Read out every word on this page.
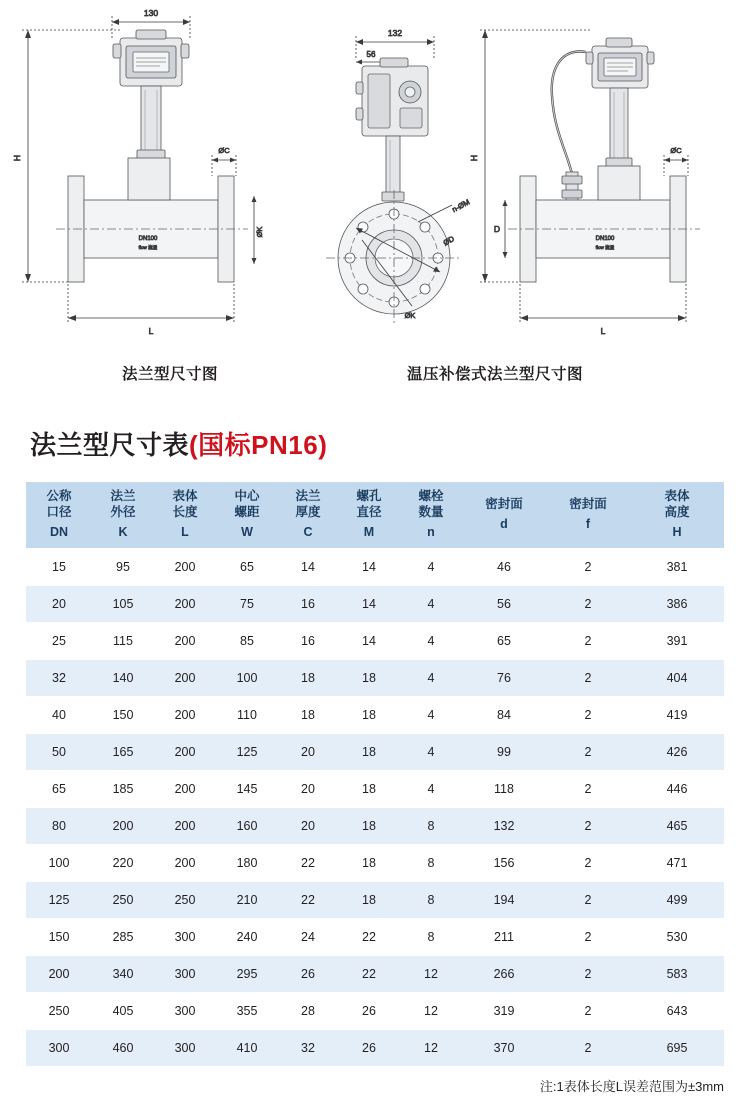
130
DN100
flow 流量
H
L
ØC
ØK
132
56
n-ØM
ØD
ØK
DN100
flow 流量
H
D
L
ØC
法兰型尺寸图	温压补偿式法兰型尺寸图
法兰型尺寸表(国标PN16)
公称
口径
DN	法兰
外径
K	表体
长度
L	中心
螺距
W	法兰
厚度
C	螺孔
直径
M	螺栓
数量
n	密封面
d	密封面
f	表体
高度
H

15	95	200	65	14	14	4	46	2	381
20	105	200	75	16	14	4	56	2	386
25	115	200	85	16	14	4	65	2	391
32	140	200	100	18	18	4	76	2	404
40	150	200	110	18	18	4	84	2	419
50	165	200	125	20	18	4	99	2	426
65	185	200	145	20	18	4	118	2	446
80	200	200	160	20	18	8	132	2	465
100	220	200	180	22	18	8	156	2	471
125	250	250	210	22	18	8	194	2	499
150	285	300	240	24	22	8	211	2	530
200	340	300	295	26	22	12	266	2	583
250	405	300	355	28	26	12	319	2	643
300	460	300	410	32	26	12	370	2	695
注:1表体长度L误差范围为±3mm
